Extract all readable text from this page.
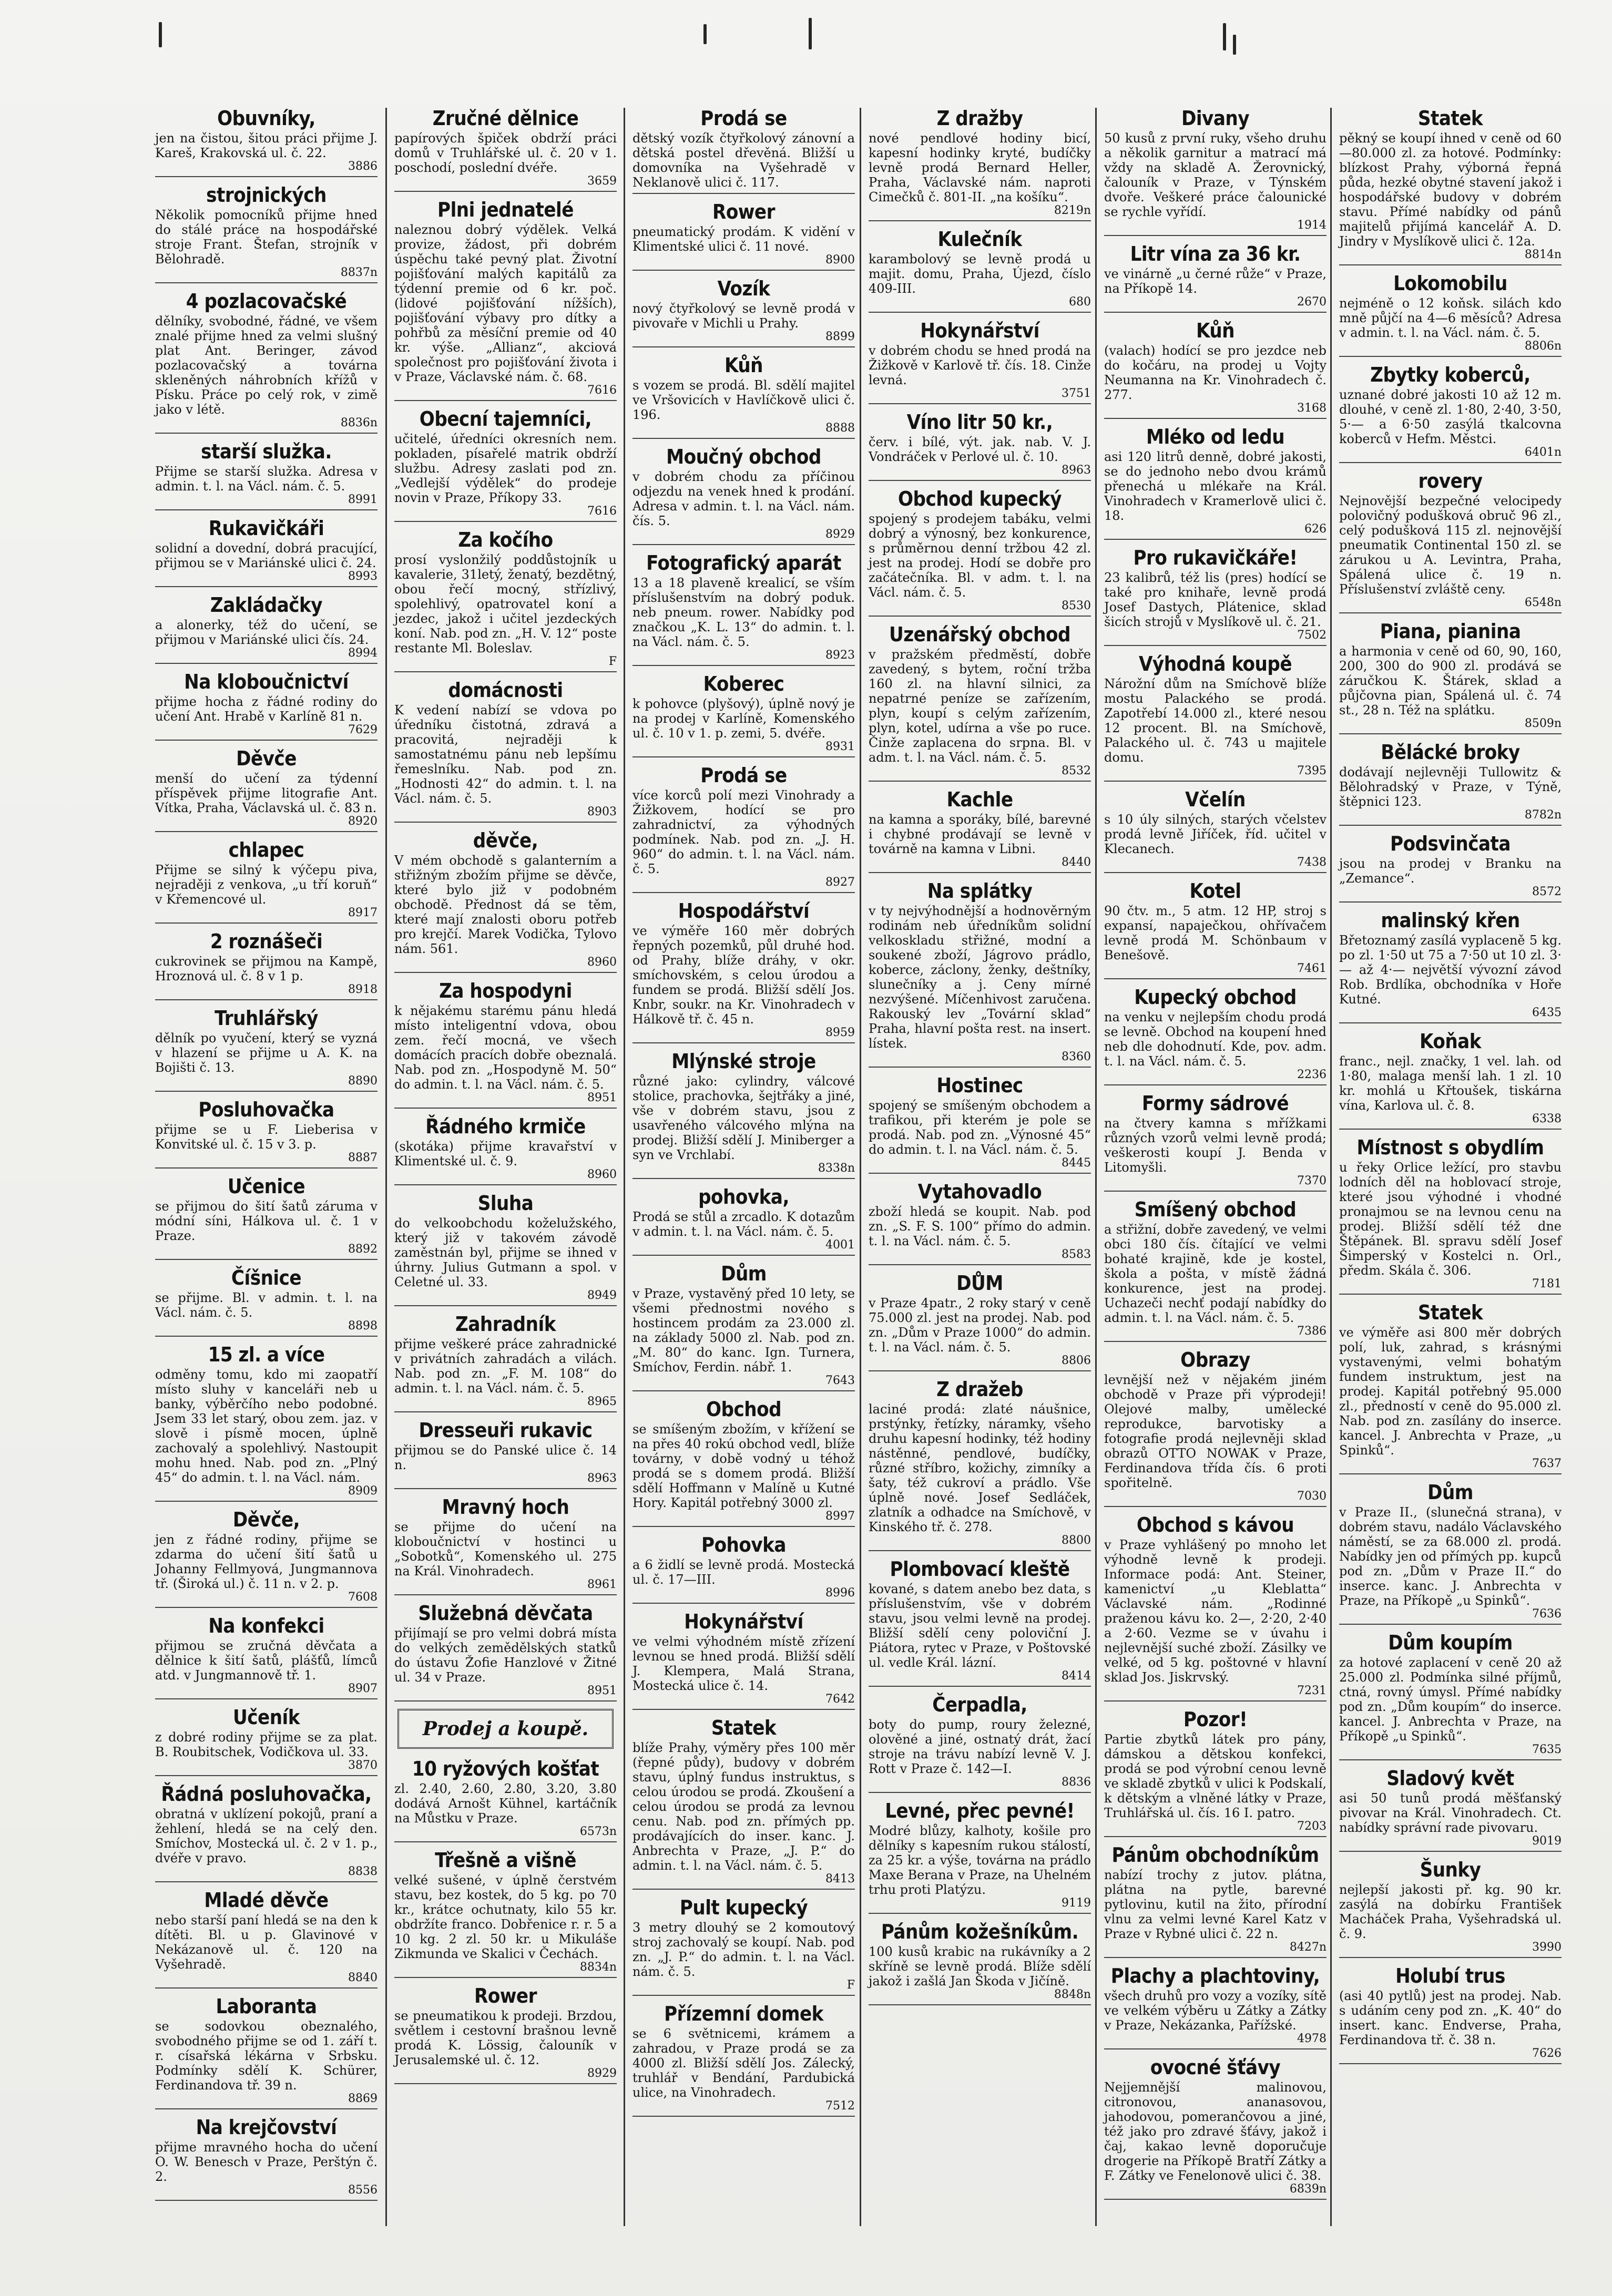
Obuvníky,

jen na čistou, šitou práci přijme J. Kareš, Krakovská ul. č. 22.

3886
strojnických

Několik pomocníků přijme hned do stálé práce na hospodářské stroje Frant. Štefan, strojník v Bělohradě.

8837n
4 pozlacovačské

dělníky, svobodné, řádné, ve všem znalé přijme hned za velmi slušný plat Ant. Beringer, závod pozlacovačský a továrna skleněných náhrobních křížů v Písku. Práce po celý rok, v zimě jako v létě.

8836n
starší služka.

Přijme se starší služka. Adresa v admin. t. l. na Václ. nám. č. 5.

8991
Rukavičkáři

solidní a dovední, dobrá pracující, přijmou se v Mariánské ulici č. 24.

8993
Zakládačky

a alonerky, též do učení, se přijmou v Mariánské ulici čís. 24.

8994
Na kloboučnictví

přijme hocha z řádné rodiny do učení Ant. Hrabě v Karlíně 81 n.

7629
Děvče

menší do učení za týdenní příspěvek přijme litografie Ant. Vítka, Praha, Václavská ul. č. 83 n.

8920
chlapec

Přijme se silný k výčepu piva, nejraději z venkova, „u tří koruň“ v Křemencové ul.

8917
2 roznášeči

cukrovinek se přijmou na Kampě, Hroznová ul. č. 8 v 1 p.

8918
Truhlářský

dělník po vyučení, který se vyzná v hlazení se přijme u A. K. na Bojišti č. 13.

8890
Posluhovačka

přijme se u F. Lieberisa v Konvitské ul. č. 15 v 3. p.

8887
Učenice

se přijmou do šití šatů záruma v módní síni, Hálkova ul. č. 1 v Praze.

8892
Číšnice

se přijme. Bl. v admin. t. l. na Václ. nám. č. 5.

8898
15 zl. a více

odměny tomu, kdo mi zaopatří místo sluhy v kanceláři neb u banky, výběrčího nebo podobné. Jsem 33 let starý, obou zem. jaz. v slově i písmě mocen, úplně zachovalý a spolehlivý. Nastoupit mohu hned. Nab. pod zn. „Plný 45“ do admin. t. l. na Václ. nám.

8909
Děvče,

jen z řádné rodiny, přijme se zdarma do učení šití šatů u Johanny Fellmyová, Jungmannova tř. (Široká ul.) č. 11 n. v 2. p.

7608
Na konfekci

přijmou se zručná děvčata a dělnice k šití šatů, plášťů, límců atd. v Jungmannově tř. 1.

8907
Učeník

z dobré rodiny přijme se za plat. B. Roubitschek, Vodičkova ul. 33.

3870
Řádná posluhovačka,

obratná v uklízení pokojů, praní a žehlení, hledá se na celý den. Smíchov, Mostecká ul. č. 2 v 1. p., dvéře v pravo.

8838
Mladé děvče

nebo starší paní hledá se na den k dítěti. Bl. u p. Glavinové v Nekázanově ul. č. 120 na Vyšehradě.

8840
Laboranta

se sodovkou obeznalého, svobodného přijme se od 1. září t. r. císařská lékárna v Srbsku. Podmínky sdělí K. Schürer, Ferdinandova tř. 39 n.

8869
Na krejčovství

přijme mravného hocha do učení O. W. Benesch v Praze, Perštýn č. 2.

8556
Zručné dělnice

papírových špiček obdrží práci domů v Truhlářské ul. č. 20 v 1. poschodí, poslední dvéře.

3659
Plni jednatelé

naleznou dobrý výdělek. Velká provize, žádost, při dobrém úspěchu také pevný plat. Životní pojišťování malých kapitálů za týdenní premie od 6 kr. poč. (lidové pojišťování nížších), pojišťování výbavy pro dítky a pohřbů za měsíční premie od 40 kr. výše. „Allianz“, akciová společnost pro pojišťování života i v Praze, Václavské nám. č. 68.

7616
Obecní tajemníci,

učitelé, úředníci okresních nem. pokladen, písařelé matrik obdrží službu. Adresy zaslati pod zn. „Vedlejší výdělek“ do prodeje novin v Praze, Příkopy 33.

7616
Za kočího

prosí vyslonžilý poddůstojník u kavalerie, 31letý, ženatý, bezdětný, obou řečí mocný, střízlivý, spolehlivý, opatrovatel koní a jezdec, jakož i učitel jezdeckých koní. Nab. pod zn. „H. V. 12“ poste restante Ml. Boleslav.

F
domácnosti

K vedení nabízí se vdova po úředníku čistotná, zdravá a pracovitá, nejraději k samostatnému pánu neb lepšímu řemeslníku. Nab. pod zn. „Hodnosti 42“ do admin. t. l. na Václ. nám. č. 5.

8903
děvče,

V mém obchodě s galanterním a střižným zbožím přijme se děvče, které bylo již v podobném obchodě. Přednost dá se těm, které mají znalosti oboru potřeb pro krejčí. Marek Vodička, Tylovo nám. 561.

8960
Za hospodyni

k nějakému starému pánu hledá místo inteligentní vdova, obou zem. řečí mocná, ve všech domácích pracích dobře obeznalá. Nab. pod zn. „Hospodyně M. 50“ do admin. t. l. na Václ. nám. č. 5.

8951
Řádného krmiče

(skotáka) přijme kravařství v Klimentské ul. č. 9.

8960
Sluha

do velkoobchodu koželužského, který již v takovém závodě zaměstnán byl, přijme se ihned v úhrny. Julius Gutmann a spol. v Celetné ul. 33.

8949
Zahradník

přijme veškeré práce zahradnické v privátních zahradách a vilách. Nab. pod zn. „F. M. 108“ do admin. t. l. na Václ. nám. č. 5.

8965
Dresseuři rukavic

přijmou se do Panské ulice č. 14 n.

8963
Mravný hoch

se přijme do učení na kloboučnictví v hostinci u „Sobotků“, Komenského ul. 275 na Král. Vinohradech.

8961
Služebná děvčata

přijímají se pro velmi dobrá místa do velkých zemědělských statků do ústavu Žofie Hanzlové v Žitné ul. 34 v Praze.

8951
Prodej a koupě.
10 ryžových košťat

zl. 2.40, 2.60, 2.80, 3.20, 3.80 dodává Arnošt Kühnel, kartáčník na Můstku v Praze.

6573n
Třešně a višně

velké sušené, v úplně čerstvém stavu, bez kostek, do 5 kg. po 70 kr., krátce ochutnaty, kilo 55 kr. obdržíte franco. Dobřenice r. r. 5 a 10 kg. 2 zl. 50 kr. u Mikuláše Zikmunda ve Skalici v Čechách.

8834n
Rower

se pneumatikou k prodeji. Brzdou, světlem i cestovní brašnou levně prodá K. Lössig, čalouník v Jerusalemské ul. č. 12.

8929
Prodá se

dětský vozík čtyřkolový zánovní a dětská postel dřevěná. Bližší u domovníka na Vyšehradě v Neklanově ulici č. 117.

Rower

pneumatický prodám. K vidění v Klimentské ulici č. 11 nové.

8900
Vozík

nový čtyřkolový se levně prodá v pivovaře v Michli u Prahy.

8899
Kůň

s vozem se prodá. Bl. sdělí majitel ve Vršovicích v Havlíčkově ulici č. 196.

8888
Moučný obchod

v dobrém chodu za příčinou odjezdu na venek hned k prodání. Adresa v admin. t. l. na Václ. nám. čís. 5.

8929
Fotografický aparát

13 a 18 plaveně krealicí, se vším příslušenstvím na dobrý poduk. neb pneum. rower. Nabídky pod značkou „K. L. 13“ do admin. t. l. na Václ. nám. č. 5.

8923
Koberec

k pohovce (plyšový), úplně nový je na prodej v Karlíně, Komenského ul. č. 10 v 1. p. zemi, 5. dvéře.

8931
Prodá se

více korců polí mezi Vinohrady a Žižkovem, hodící se pro zahradnictví, za výhodných podmínek. Nab. pod zn. „J. H. 960“ do admin. t. l. na Václ. nám. č. 5.

8927
Hospodářství

ve výměře 160 měr dobrých řepných pozemků, půl druhé hod. od Prahy, blíže dráhy, v okr. smíchovském, s celou úrodou a fundem se prodá. Bližší sdělí Jos. Knbr, soukr. na Kr. Vinohradech v Hálkově tř. č. 45 n.

8959
Mlýnské stroje

různé jako: cylindry, válcové stolice, prachovka, šejtřáky a jiné, vše v dobrém stavu, jsou z usavřeného válcového mlýna na prodej. Bližší sdělí J. Miniberger a syn ve Vrchlabí.

8338n
pohovka,

Prodá se stůl a zrcadlo. K dotazům v admin. t. l. na Václ. nám. č. 5.

4001
Dům

v Praze, vystavěný před 10 lety, se všemi přednostmi nového s hostincem prodám za 23.000 zl. na základy 5000 zl. Nab. pod zn. „M. 80“ do kanc. Ign. Turnera, Smíchov, Ferdin. nábř. 1.

7643
Obchod

se smíšeným zbožím, v křížení se na přes 40 rokú obchod vedl, blíže továrny, v době vodný u téhož prodá se s domem prodá. Bližší sdělí Hoffmann v Malíně u Kutné Hory. Kapitál potřebný 3000 zl.

8997
Pohovka

a 6 židlí se levně prodá. Mostecká ul. č. 17—III.

8996
Hokynářství

ve velmi výhodném místě zřízení levnou se hned prodá. Bližší sdělí J. Klempera, Malá Strana, Mostecká ulice č. 14.

7642
Statek

blíže Prahy, výměry přes 100 měr (řepné půdy), budovy v dobrém stavu, úplný fundus instruktus, s celou úrodou se prodá. Zkoušení a celou úrodou se prodá za levnou cenu. Nab. pod zn. přímých pp. prodávajících do inser. kanc. J. Anbrechta v Praze, „J. P.“ do admin. t. l. na Václ. nám. č. 5.

8413
Pult kupecký

3 metry dlouhý se 2 komoutový stroj zachovalý se koupí. Nab. pod zn. „J. P.“ do admin. t. l. na Václ. nám. č. 5.

F
Přízemní domek

se 6 světnicemi, krámem a zahradou, v Praze prodá se za 4000 zl. Bližší sdělí Jos. Zálecký, truhlář v Bendání, Pardubická ulice, na Vinohradech.

7512
Z dražby

nové pendlové hodiny bicí, kapesní hodinky kryté, budíčky levně prodá Bernard Heller, Praha, Václavské nám. naproti Cimečků č. 801-II. „na košíku“.

8219n
Kulečník

karambolový se levně prodá u majit. domu, Praha, Újezd, číslo 409-III.

680
Hokynářství

v dobrém chodu se hned prodá na Žižkově v Karlově tř. čís. 18. Cinže levná.

3751
Víno litr 50 kr.,

červ. i bílé, výt. jak. nab. V. J. Vondráček v Perlové ul. č. 10.

8963
Obchod kupecký

spojený s prodejem tabáku, velmi dobrý a výnosný, bez konkurence, s průměrnou denní tržbou 42 zl. jest na prodej. Hodí se dobře pro začátečníka. Bl. v adm. t. l. na Václ. nám. č. 5.

8530
Uzenářský obchod

v pražském předměstí, dobře zavedený, s bytem, roční tržba 160 zl. na hlavní silnici, za nepatrné peníze se zařízením, plyn, koupí s celým zařízením, plyn, kotel, udírna a vše po ruce. Činže zaplacena do srpna. Bl. v adm. t. l. na Václ. nám. č. 5.

8532
Kachle

na kamna a sporáky, bílé, barevné i chybné prodávají se levně v továrně na kamna v Libni.

8440
Na splátky

v ty nejvýhodnější a hodnověrným rodinám neb úředníkům solidní velkoskladu střižné, modní a soukené zboží, Jágrovo prádlo, koberce, záclony, ženky, deštníky, slunečníky a j. Ceny mírné nezvýšené. Míčenhivost zaručena. Rakouský lev „Tovární sklad“ Praha, hlavní pošta rest. na insert. lístek.

8360
Hostinec

spojený se smíšeným obchodem a trafikou, při kterém je pole se prodá. Nab. pod zn. „Výnosné 45“ do admin. t. l. na Václ. nám. č. 5.

8445
Vytahovadlo

zboží hledá se koupit. Nab. pod zn. „S. F. S. 100“ přímo do admin. t. l. na Václ. nám. č. 5.

8583
DŮM

v Praze 4patr., 2 roky starý v ceně 75.000 zl. jest na prodej. Nab. pod zn. „Dům v Praze 1000“ do admin. t. l. na Václ. nám. č. 5.

8806
Z dražeb

laciné prodá: zlaté náušnice, prstýnky, řetízky, náramky, všeho druhu kapesní hodinky, též hodiny nástěnné, pendlové, budíčky, různé stříbro, kožichy, zimníky a šaty, též cukroví a prádlo. Vše úplně nové. Josef Sedláček, zlatník a odhadce na Smíchově, v Kinského tř. č. 278.

8800
Plombovací kleště

kované, s datem anebo bez data, s příslušenstvím, vše v dobrém stavu, jsou velmi levně na prodej. Bližší sdělí ceny poloviční J. Piátora, rytec v Praze, v Poštovské ul. vedle Král. lázní.

8414
Čerpadla,

boty do pump, roury železné, olověné a jiné, ostnatý drát, žací stroje na trávu nabízí levně V. J. Rott v Praze č. 142—I.

8836
Levné, přec pevné!

Modré blůzy, kalhoty, košile pro dělníky s kapesním rukou stálostí, za 25 kr. a výše, továrna na prádlo Maxe Berana v Praze, na Uhelném trhu proti Platýzu.

9119
Pánům kožešníkům.

100 kusů krabic na rukávníky a 2 skříně se levně prodá. Blíže sdělí jakož i zašlá Jan Škoda v Jičíně.

8848n
Divany

50 kusů z první ruky, všeho druhu a několik garnitur a matrací má vždy na skladě A. Žerovnický, čalouník v Praze, v Týnském dvoře. Veškeré práce čalounické se rychle vyřídí.

1914
Litr vína za 36 kr.

ve vinárně „u černé růže“ v Praze, na Příkopě 14.

2670
Kůň

(valach) hodící se pro jezdce neb do kočáru, na prodej u Vojty Neumanna na Kr. Vinohradech č. 277.

3168
Mléko od ledu

asi 120 litrů denně, dobré jakosti, se do jednoho nebo dvou krámů přenechá u mlékaře na Král. Vinohradech v Kramerlově ulici č. 18.

626
Pro rukavičkáře!

23 kalibrů, též lis (pres) hodící se také pro knihaře, levně prodá Josef Dastych, Plátenice, sklad šicích strojů v Myslíkově ul. č. 21.

7502
Výhodná koupě

Nárožní dům na Smíchově blíže mostu Palackého se prodá. Zapotřebí 14.000 zl., které nesou 12 procent. Bl. na Smíchově, Palackého ul. č. 743 u majitele domu.

7395
Včelín

s 10 úly silných, starých včelstev prodá levně Jiříček, říd. učitel v Klecanech.

7438
Kotel

90 čtv. m., 5 atm. 12 HP, stroj s expansí, napaječkou, ohřívačem levně prodá M. Schönbaum v Benešově.

7461
Kupecký obchod

na venku v nejlepším chodu prodá se levně. Obchod na koupení hned neb dle dohodnutí. Kde, pov. adm. t. l. na Václ. nám. č. 5.

2236
Formy sádrové

na čtvery kamna s mřížkami různých vzorů velmi levně prodá; veškerosti koupí J. Benda v Litomyšli.

7370
Smíšený obchod

a střižní, dobře zavedený, ve velmi obci 180 čís. čítající ve velmi bohaté krajině, kde je kostel, škola a pošta, v místě žádná konkurence, jest na prodej. Uchazeči nechť podají nabídky do admin. t. l. na Václ. nám. č. 5.

7386
Obrazy

levnější než v nějakém jiném obchodě v Praze při výprodeji! Olejové malby, umělecké reprodukce, barvotisky a fotografie prodá nejlevněji sklad obrazů OTTO NOWAK v Praze, Ferdinandova třída čís. 6 proti spořitelně.

7030
Obchod s kávou

v Praze vyhlášený po mnoho let výhodně levně k prodeji. Informace podá: Ant. Steiner, kamenictví „u Kleblatta“ Václavské nám. „Rodinné praženou kávu ko. 2—, 2·20, 2·40 a 2·60. Vezme se v úvahu i nejlevnější suché zboží. Zásilky ve velké, od 5 kg. poštovné v hlavní sklad Jos. Jiskrvský.

7231
Pozor!

Partie zbytků látek pro pány, dámskou a dětskou konfekci, prodá se pod výrobní cenou levně ve skladě zbytků v ulici k Podskalí, k dětským a vlněné látky v Praze, Truhlářská ul. čís. 16 I. patro.

7203
Pánům obchodníkům

nabízí trochy z jutov. plátna, plátna na pytle, barevné pytlovinu, kutil na žito, přírodní vlnu za velmi levné Karel Katz v Praze v Rybné ulici č. 22 n.

8427n
Plachy a plachtoviny,

všech druhů pro vozy a vozíky, sítě ve velkém výběru u Zátky a Zátky v Praze, Nekázanka, Pařížské.

4978
ovocné šťávy

Nejjemnější malinovou, citronovou, ananasovou, jahodovou, pomerančovou a jiné, též jako pro zdravé šťávy, jakož i čaj, kakao levně doporučuje drogerie na Příkopě Bratří Zátky a F. Zátky ve Fenelonově ulici č. 38.

6839n
Statek

pěkný se koupí ihned v ceně od 60—80.000 zl. za hotové. Podmínky: blízkost Prahy, výborná řepná půda, hezké obytné stavení jakož i hospodářské budovy v dobrém stavu. Přímé nabídky od pánů majitelů přijímá kancelář A. D. Jindry v Myslíkově ulici č. 12a.

8814n
Lokomobilu

nejméně o 12 koňsk. silách kdo mně půjčí na 4—6 měsíců? Adresa v admin. t. l. na Václ. nám. č. 5.

8806n
Zbytky koberců,

uznané dobré jakosti 10 až 12 m. dlouhé, v ceně zl. 1·80, 2·40, 3·50, 5·— a 6·50 zasýlá tkalcovna koberců v Hefm. Městci.

6401n
rovery

Nejnovější bezpečné velocipedy polovičný podušková obruč 96 zl., celý podušková 115 zl. nejnovější pneumatik Continental 150 zl. se zárukou u A. Levintra, Praha, Spálená ulice č. 19 n. Příslušenství zvláště ceny.

6548n
Piana, pianina

a harmonia v ceně od 60, 90, 160, 200, 300 do 900 zl. prodává se záručkou K. Štárek, sklad a půjčovna pian, Spálená ul. č. 74 st., 28 n. Též na splátku.

8509n
Bělácké broky

dodávají nejlevněji Tullowitz & Bělohradský v Praze, v Týně, štěpnici 123.

8782n
Podsvinčata

jsou na prodej v Branku na „Zemance“.

8572
malinský křen

Břetoznamý zasílá vyplaceně 5 kg. po zl. 1·50 ut 75 a 7·50 ut 10 zl. 3·— až 4·— největší vývozní závod Rob. Brdlíka, obchodníka v Hoře Kutné.

6435
Koňak

franc., nejl. značky, 1 vel. lah. od 1·80, malaga menší lah. 1 zl. 10 kr. mohlá u Křtoušek, tiskárna vína, Karlova ul. č. 8.

6338
Místnost s obydlím

u řeky Orlice ležící, pro stavbu lodních děl na hoblovací stroje, které jsou výhodné i vhodné pronajmou se na levnou cenu na prodej. Bližší sdělí též dne Štěpánek. Bl. spravu sdělí Josef Šimperský v Kostelci n. Orl., předm. Skála č. 306.

7181
Statek

ve výměře asi 800 měr dobrých polí, luk, zahrad, s krásnými vystavenými, velmi bohatým fundem instruktum, jest na prodej. Kapitál potřebný 95.000 zl., předností v ceně do 95.000 zl. Nab. pod zn. zasílány do inserce. kancel. J. Anbrechta v Praze, „u Spinků“.

7637
Dům

v Praze II., (slunečná strana), v dobrém stavu, nadálo Václavského náměstí, se za 68.000 zl. prodá. Nabídky jen od přímých pp. kupců pod zn. „Dům v Praze II.“ do inserce. kanc. J. Anbrechta v Praze, na Příkopě „u Spinků“.

7636
Dům koupím

za hotové zaplacení v ceně 20 až 25.000 zl. Podmínka silné příjmů, ctná, rovný úmysl. Přímé nabídky pod zn. „Dům koupím“ do inserce. kancel. J. Anbrechta v Praze, na Příkopě „u Spinků“.

7635
Sladový květ

asi 50 tunů prodá měšťanský pivovar na Král. Vinohradech. Ct. nabídky správní rade pivovaru.

9019
Šunky

nejlepší jakosti př. kg. 90 kr. zasýlá na dobírku František Macháček Praha, Vyšehradská ul. č. 9.

3990
Holubí trus

(asi 40 pytlů) jest na prodej. Nab. s udáním ceny pod zn. „K. 40“ do insert. kanc. Endverse, Praha, Ferdinandova tř. č. 38 n.

7626
